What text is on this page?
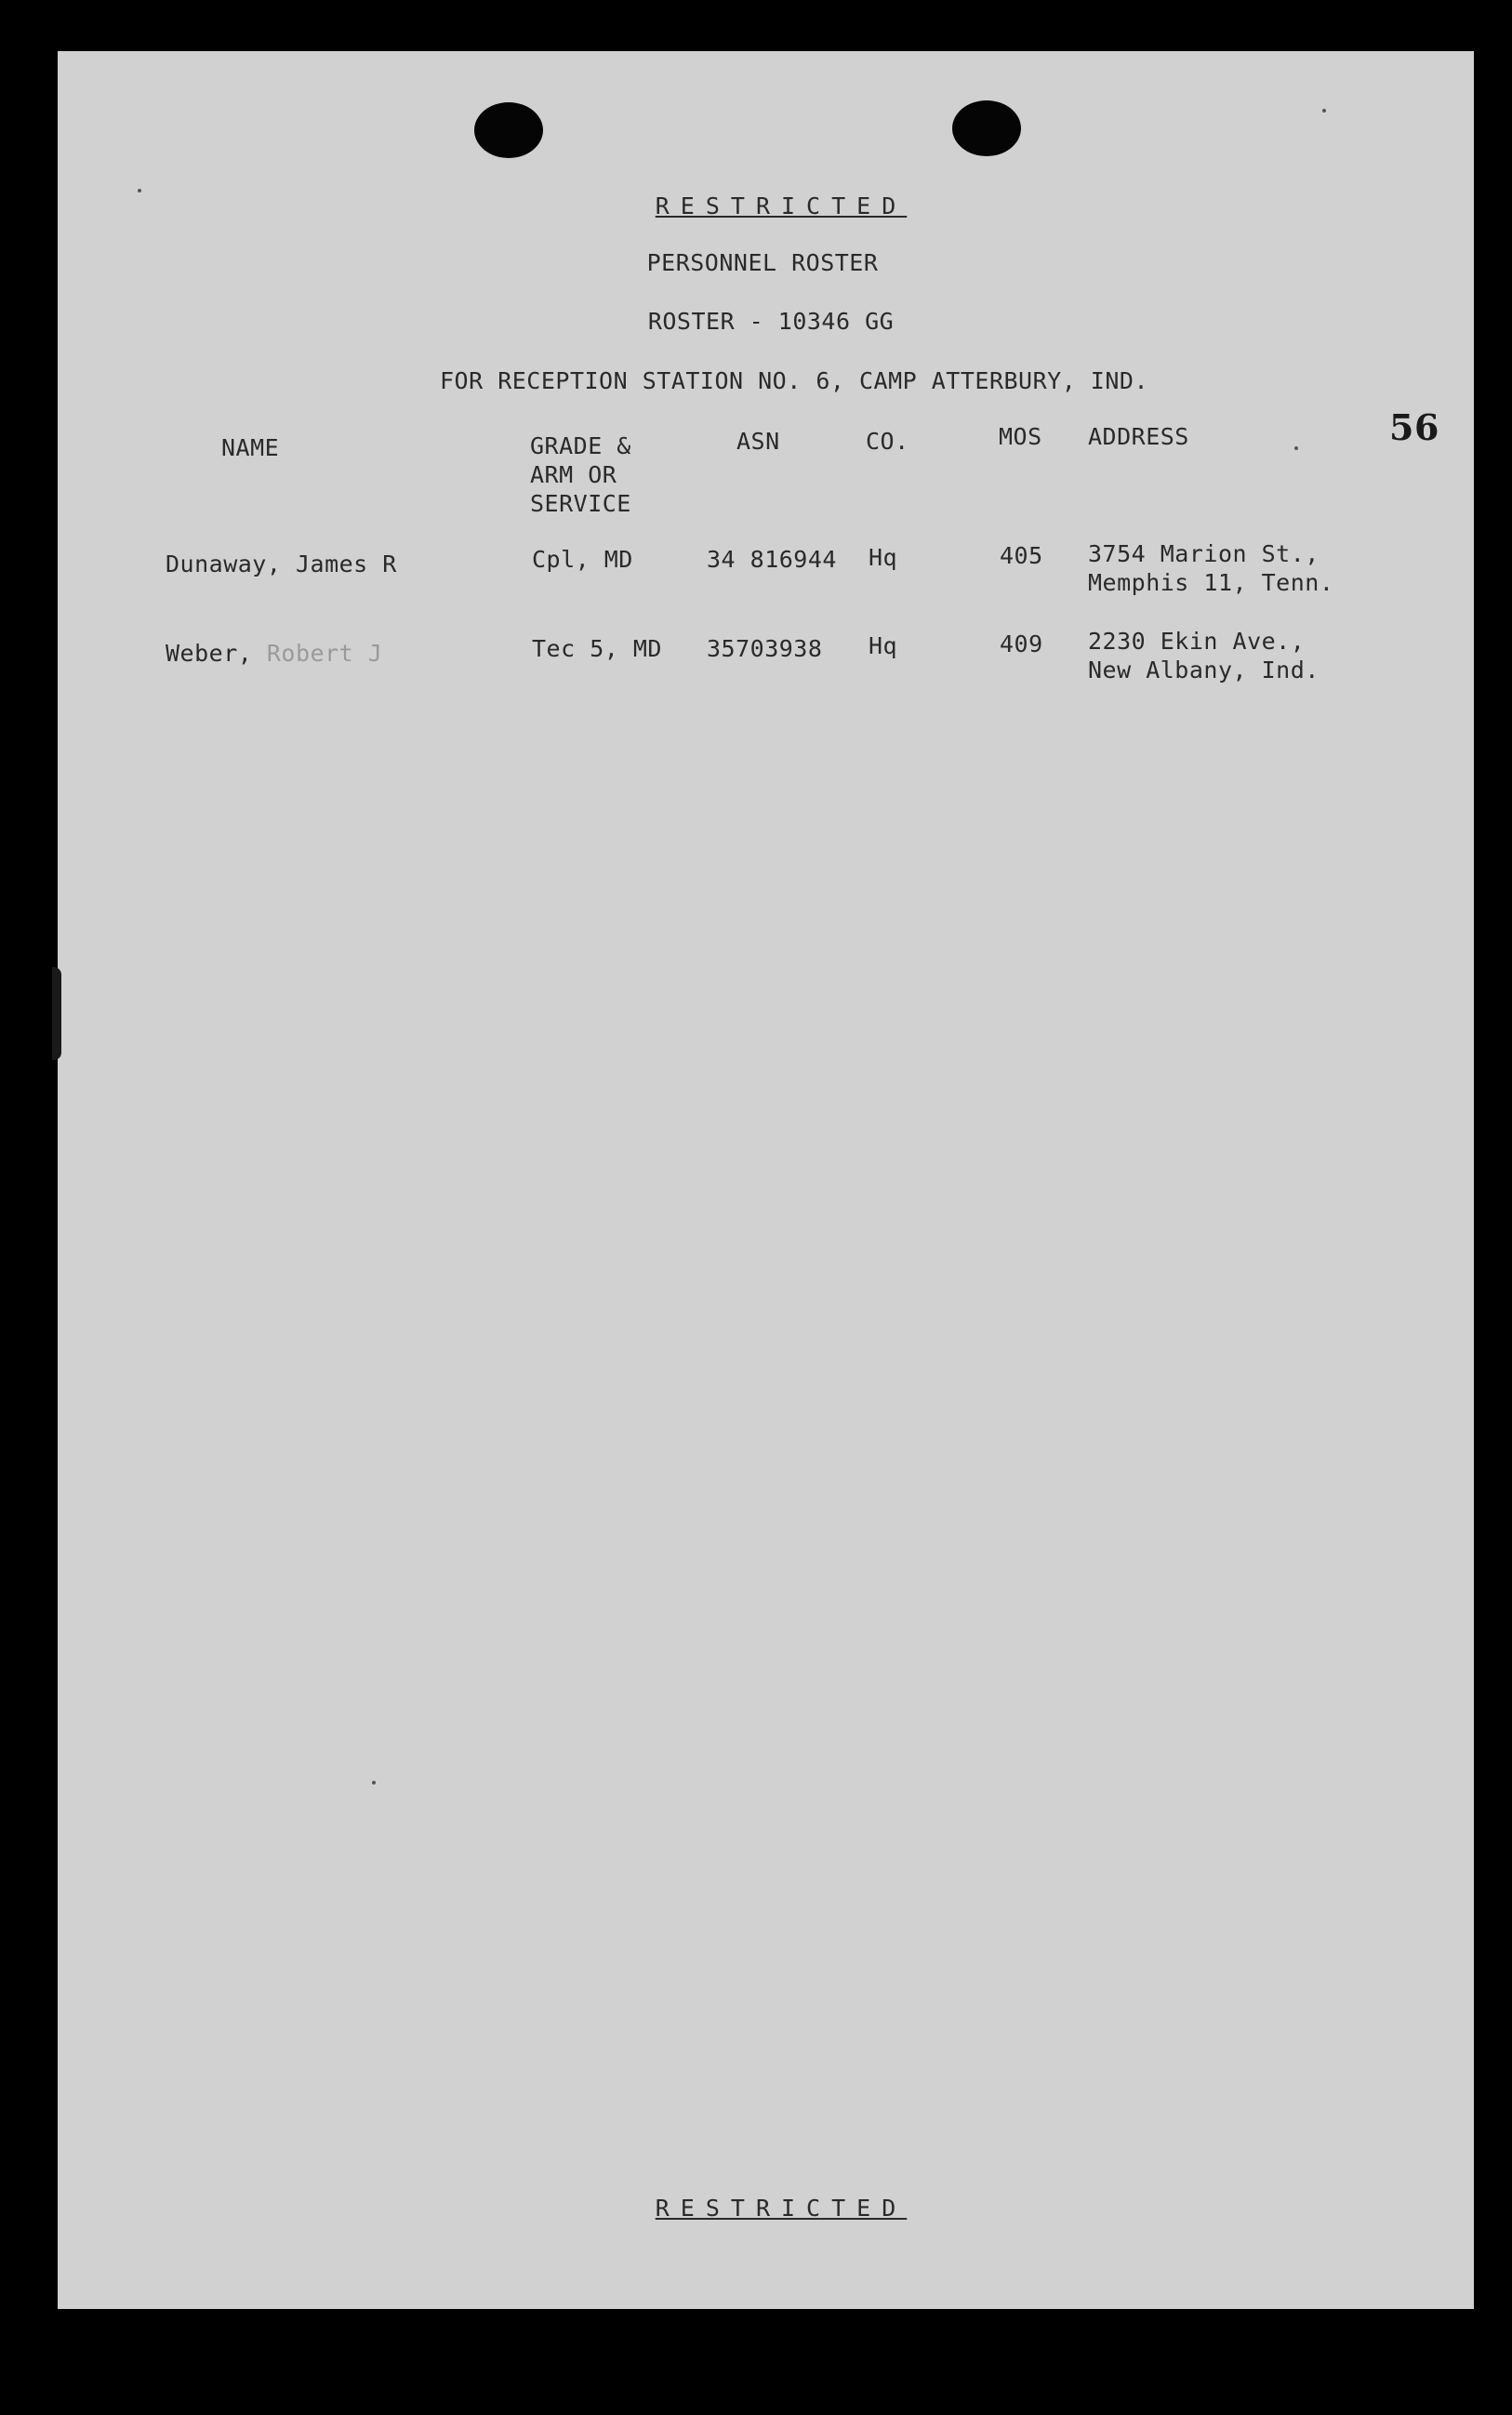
RESTRICTED
PERSONNEL ROSTER
ROSTER - 10346 GG
FOR RECEPTION STATION NO. 6, CAMP ATTERBURY, IND.
56
NAME	GRADE &
ARM OR
SERVICE
ASN	CO.	MOS ADDRESS
Dunaway, James R	Cpl, MD	34 816944 Hq	405 3754 Marion St.,
Memphis 11, Tenn.
Weber, Robert J	Tec 5, MD 35703938 Hq	409 2230 Ekin Ave.,
New Albany, Ind.
RESTRICTED
